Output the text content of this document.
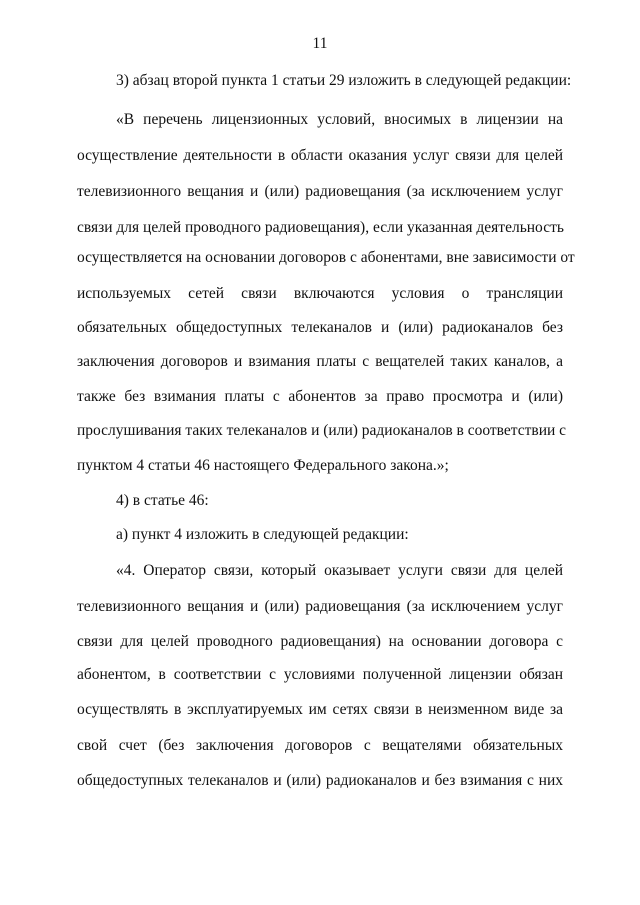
11
3) абзац второй пункта 1 статьи 29 изложить в следующей редакции:
«В перечень лицензионных условий, вносимых в лицензии на
осуществление деятельности в области оказания услуг связи для целей
телевизионного вещания и (или) радиовещания (за исключением услуг
связи для целей проводного радиовещания), если указанная деятельность
осуществляется на основании договоров с абонентами, вне зависимости от
используемых сетей связи включаются условия о трансляции
обязательных общедоступных телеканалов и (или) радиоканалов без
заключения договоров и взимания платы с вещателей таких каналов, а
также без взимания платы с абонентов за право просмотра и (или)
прослушивания таких телеканалов и (или) радиоканалов в соответствии с
пунктом 4 статьи 46 настоящего Федерального закона.»;
4) в статье 46:
а) пункт 4 изложить в следующей редакции:
«4. Оператор связи, который оказывает услуги связи для целей
телевизионного вещания и (или) радиовещания (за исключением услуг
связи для целей проводного радиовещания) на основании договора с
абонентом, в соответствии с условиями полученной лицензии обязан
осуществлять в эксплуатируемых им сетях связи в неизменном виде за
свой счет (без заключения договоров с вещателями обязательных
общедоступных телеканалов и (или) радиоканалов и без взимания с них
